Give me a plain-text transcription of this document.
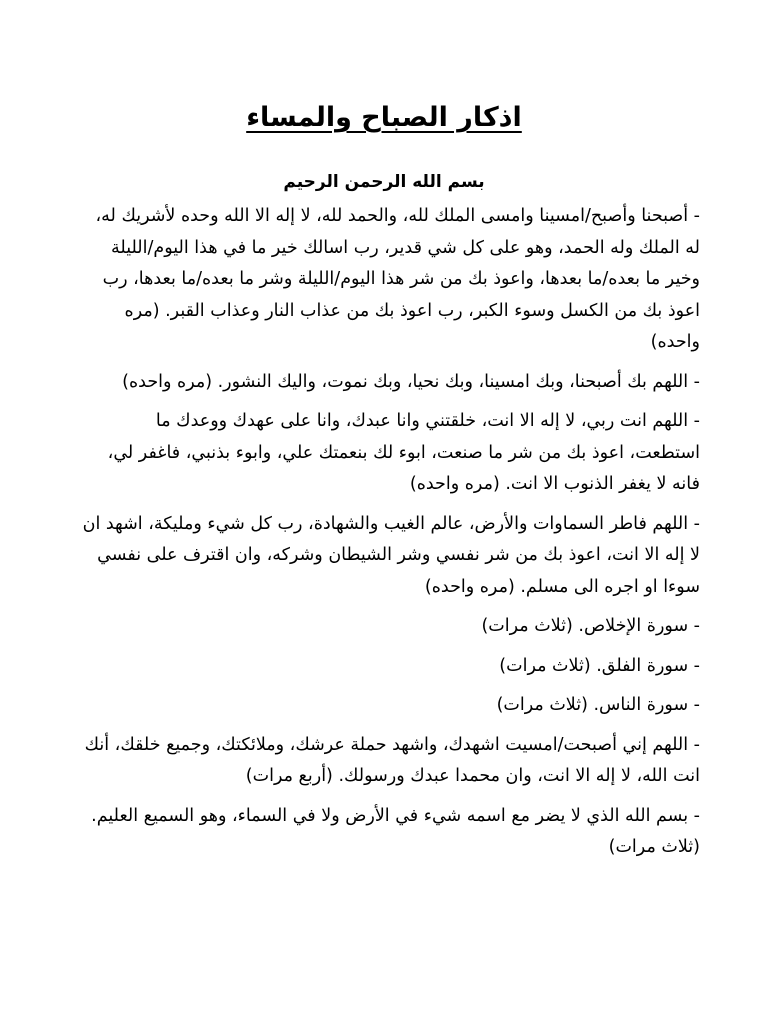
اذكار الصباح والمساء
بسم الله الرحمن الرحيم

- أصبحنا وأصبح/امسينا وامسى الملك لله، والحمد لله، لا إله الا الله وحده لأشريك له، له الملك وله الحمد، وهو على كل شي قدير، رب اسالك خير ما في هذا اليوم/الليلة وخير ما بعده/ما بعدها، واعوذ بك من شر هذا اليوم/الليلة وشر ما بعده/ما بعدها، رب اعوذ بك من الكسل وسوء الكبر، رب اعوذ بك من عذاب النار وعذاب القبر. (مره واحده)

- اللهم بك أصبحنا، وبك امسينا، وبك نحيا، وبك نموت، واليك النشور. (مره واحده)

- اللهم انت ربي، لا إله الا انت، خلقتني وانا عبدك، وانا على عهدك ووعدك ما استطعت، اعوذ بك من شر ما صنعت، ابوء لك بنعمتك علي، وابوء بذنبي، فاغفر لي، فانه لا يغفر الذنوب الا انت. (مره واحده)

- اللهم فاطر السماوات والأرض، عالم الغيب والشهادة، رب كل شيء ومليكة، اشهد ان لا إله الا انت، اعوذ بك من شر نفسي وشر الشيطان وشركه، وان اقترف على نفسي سوءا او اجره الى مسلم. (مره واحده)

- سورة الإخلاص. (ثلاث مرات)

- سورة الفلق. (ثلاث مرات)

- سورة الناس. (ثلاث مرات)

- اللهم إني أصبحت/امسيت اشهدك، واشهد حملة عرشك، وملائكتك، وجميع خلقك، أنك انت الله، لا إله الا انت، وان محمدا عبدك ورسولك. (أربع مرات)

- بسم الله الذي لا يضر مع اسمه شيء في الأرض ولا في السماء، وهو السميع العليم. (ثلاث مرات)
